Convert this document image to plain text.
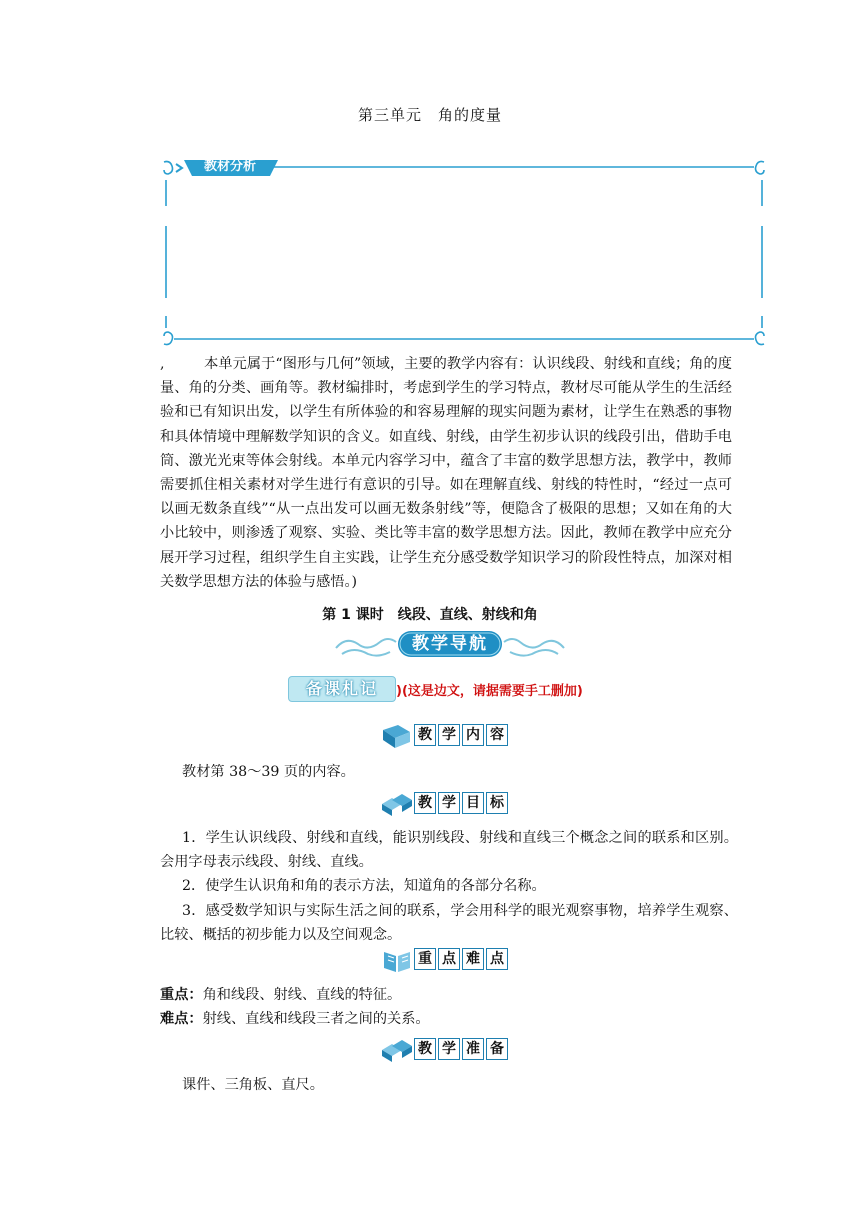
第三单元　角的度量
教材分析
,	本单元属于“图形与几何”领域，主要的教学内容有：认识线段、射线和直线；角的度量、角的分类、画角等。教材编排时，考虑到学生的学习特点，教材尽可能从学生的生活经验和已有知识出发，以学生有所体验的和容易理解的现实问题为素材，让学生在熟悉的事物和具体情境中理解数学知识的含义。如直线、射线，由学生初步认识的线段引出，借助手电筒、激光光束等体会射线。本单元内容学习中，蕴含了丰富的数学思想方法，教学中，教师需要抓住相关素材对学生进行有意识的引导。如在理解直线、射线的特性时，“经过一点可以画无数条直线”“从一点出发可以画无数条射线”等，便隐含了极限的思想；又如在角的大小比较中，则渗透了观察、实验、类比等丰富的数学思想方法。因此，教师在教学中应充分展开学习过程，组织学生自主实践，让学生充分感受数学知识学习的阶段性特点，加深对相关数学思想方法的体验与感悟。)
第 1 课时　线段、直线、射线和角
教学导航
备课札记 )(这是边文，请据需要手工删加)
教 学 内 容
教材第 38～39 页的内容。
教 学 目 标
1．学生认识线段、射线和直线，能识别线段、射线和直线三个概念之间的联系和区别。会用字母表示线段、射线、直线。
2．使学生认识角和角的表示方法，知道角的各部分名称。
3．感受数学知识与实际生活之间的联系，学会用科学的眼光观察事物，培养学生观察、比较、概括的初步能力以及空间观念。
重 点 难 点
重点：角和线段、射线、直线的特征。
难点：射线、直线和线段三者之间的关系。
教 学 准 备
课件、三角板、直尺。
